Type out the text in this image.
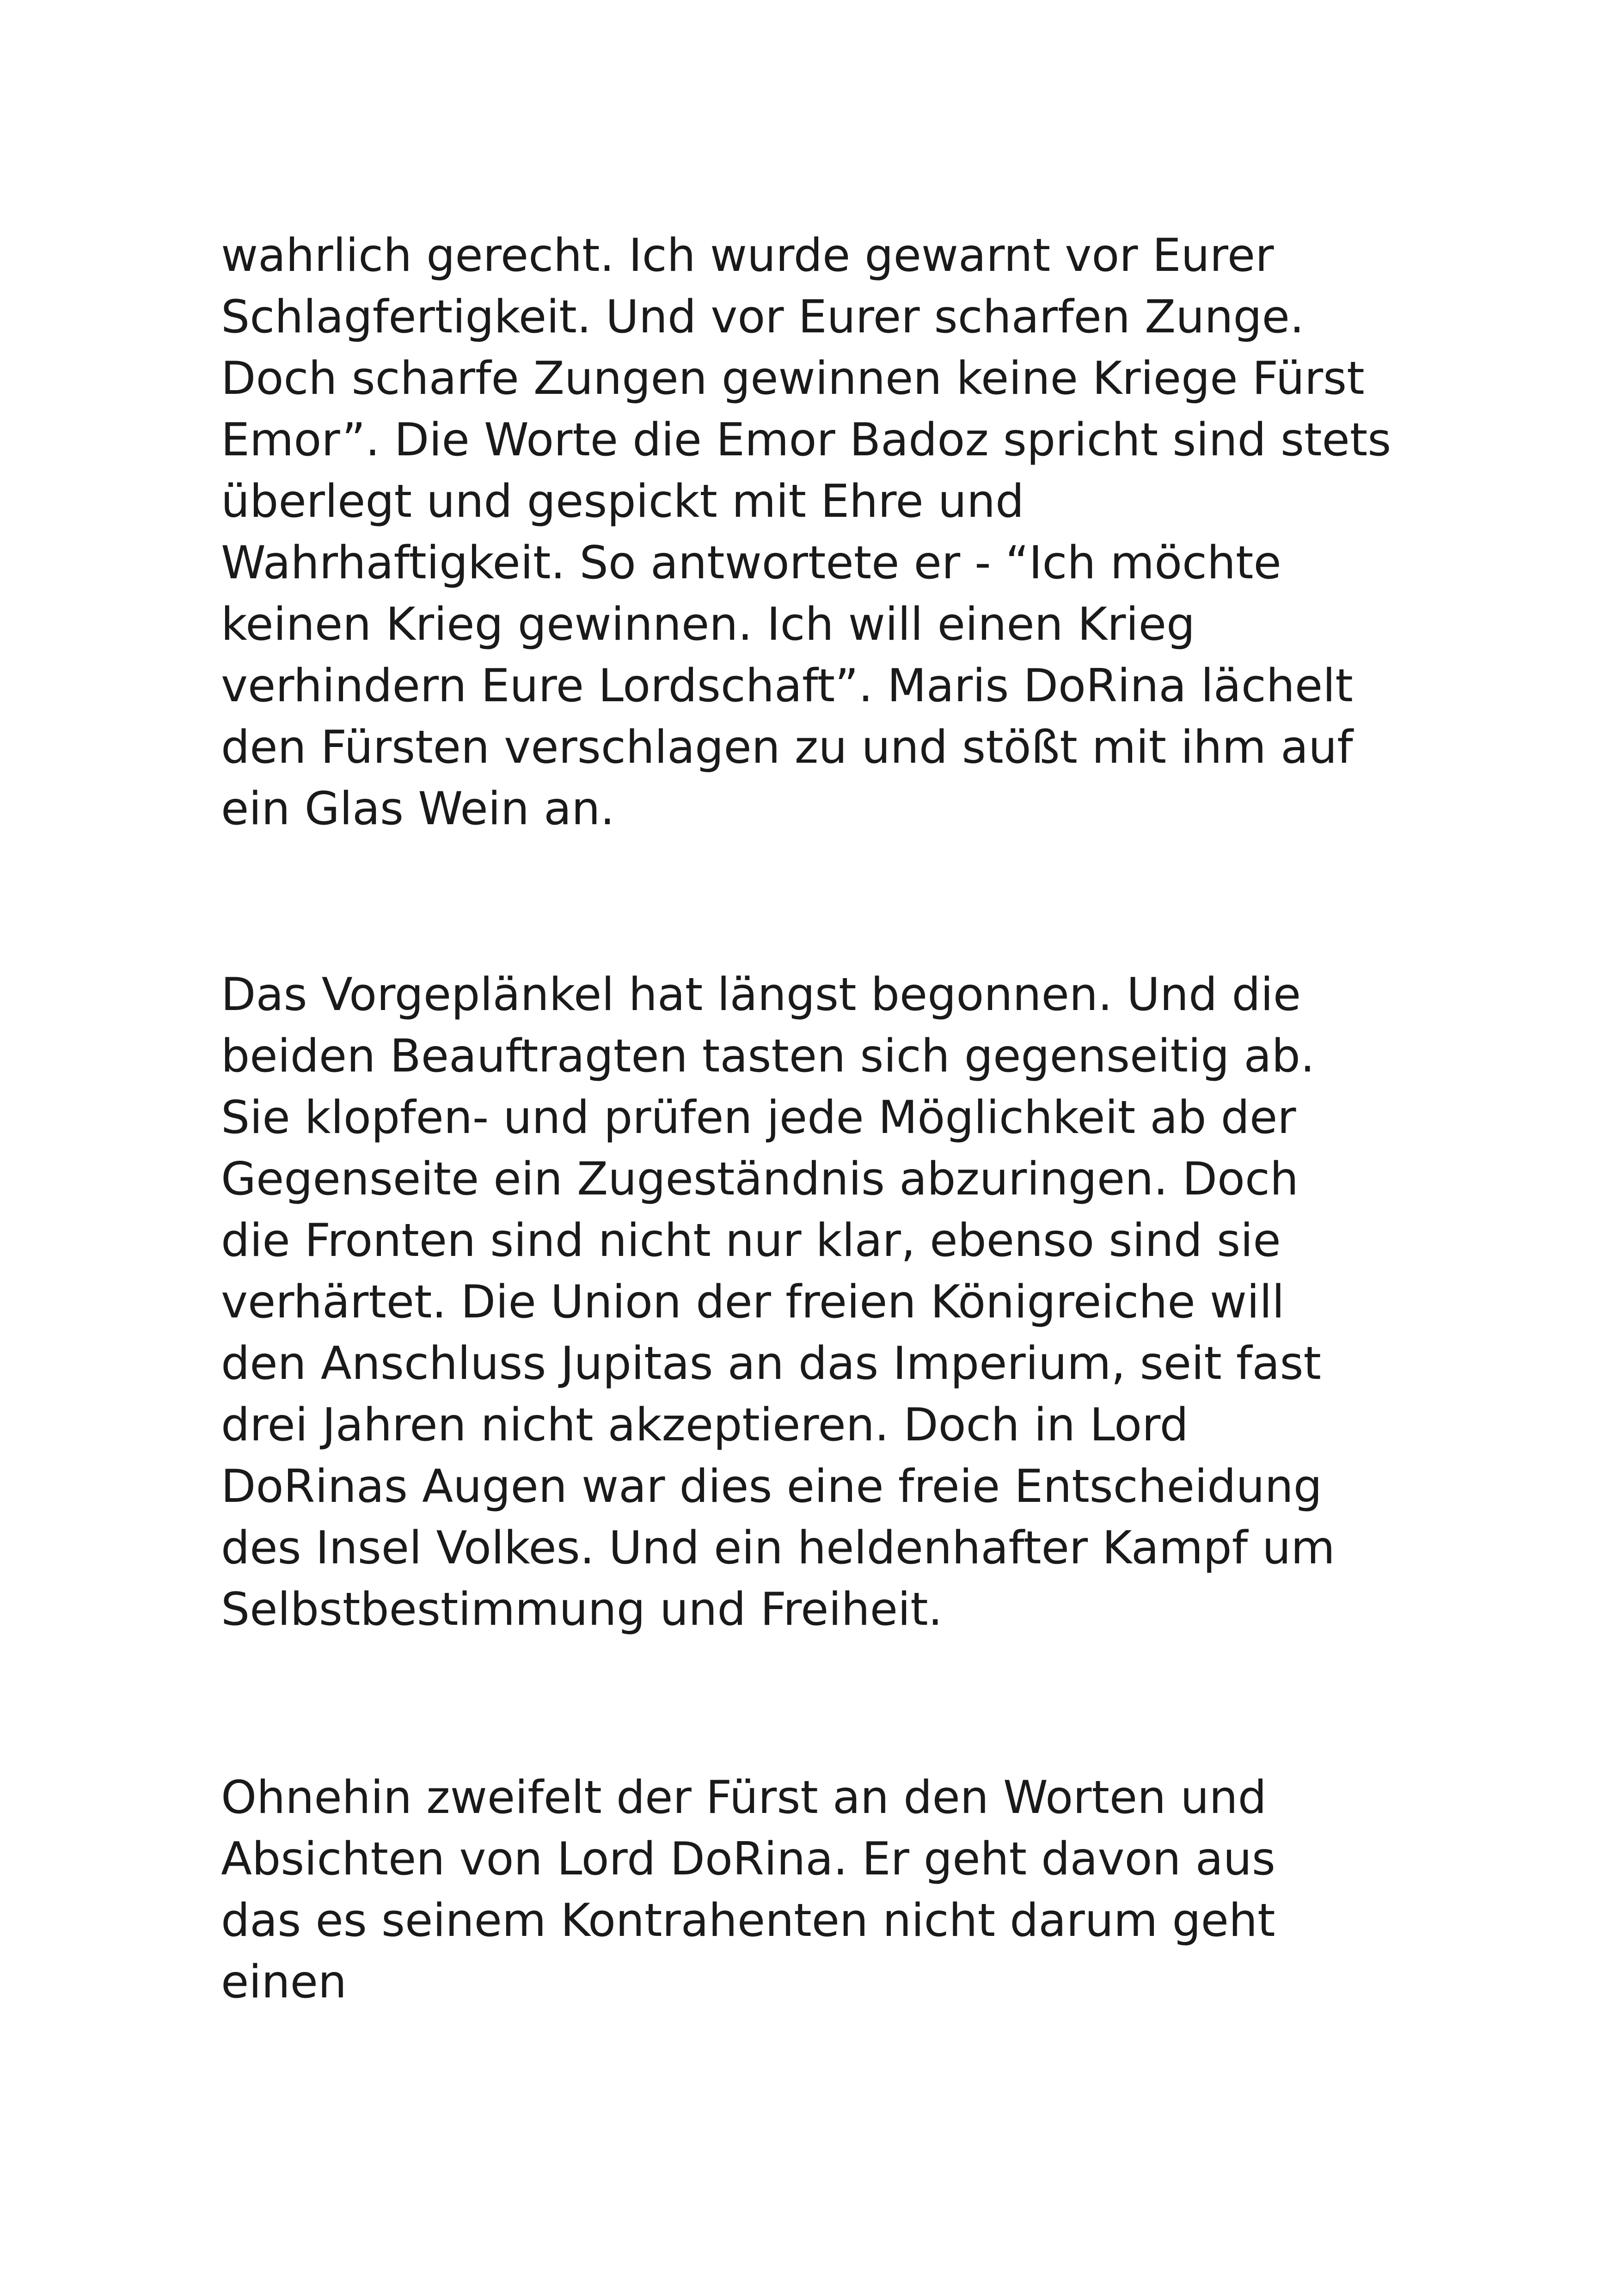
wahrlich gerecht. Ich wurde gewarnt vor Eurer
Schlagfertigkeit. Und vor Eurer scharfen Zunge.
Doch scharfe Zungen gewinnen keine Kriege Fürst
Emor”. Die Worte die Emor Badoz spricht sind stets
überlegt und gespickt mit Ehre und
Wahrhaftigkeit. So antwortete er - “Ich möchte
keinen Krieg gewinnen. Ich will einen Krieg
verhindern Eure Lordschaft”. Maris DoRina lächelt
den Fürsten verschlagen zu und stößt mit ihm auf
ein Glas Wein an.
Das Vorgeplänkel hat längst begonnen. Und die
beiden Beauftragten tasten sich gegenseitig ab.
Sie klopfen- und prüfen jede Möglichkeit ab der
Gegenseite ein Zugeständnis abzuringen. Doch
die Fronten sind nicht nur klar, ebenso sind sie
verhärtet. Die Union der freien Königreiche will
den Anschluss Jupitas an das Imperium, seit fast
drei Jahren nicht akzeptieren. Doch in Lord
DoRinas Augen war dies eine freie Entscheidung
des Insel Volkes. Und ein heldenhafter Kampf um
Selbstbestimmung und Freiheit.
Ohnehin zweifelt der Fürst an den Worten und
Absichten von Lord DoRina. Er geht davon aus
das es seinem Kontrahenten nicht darum geht
einen
